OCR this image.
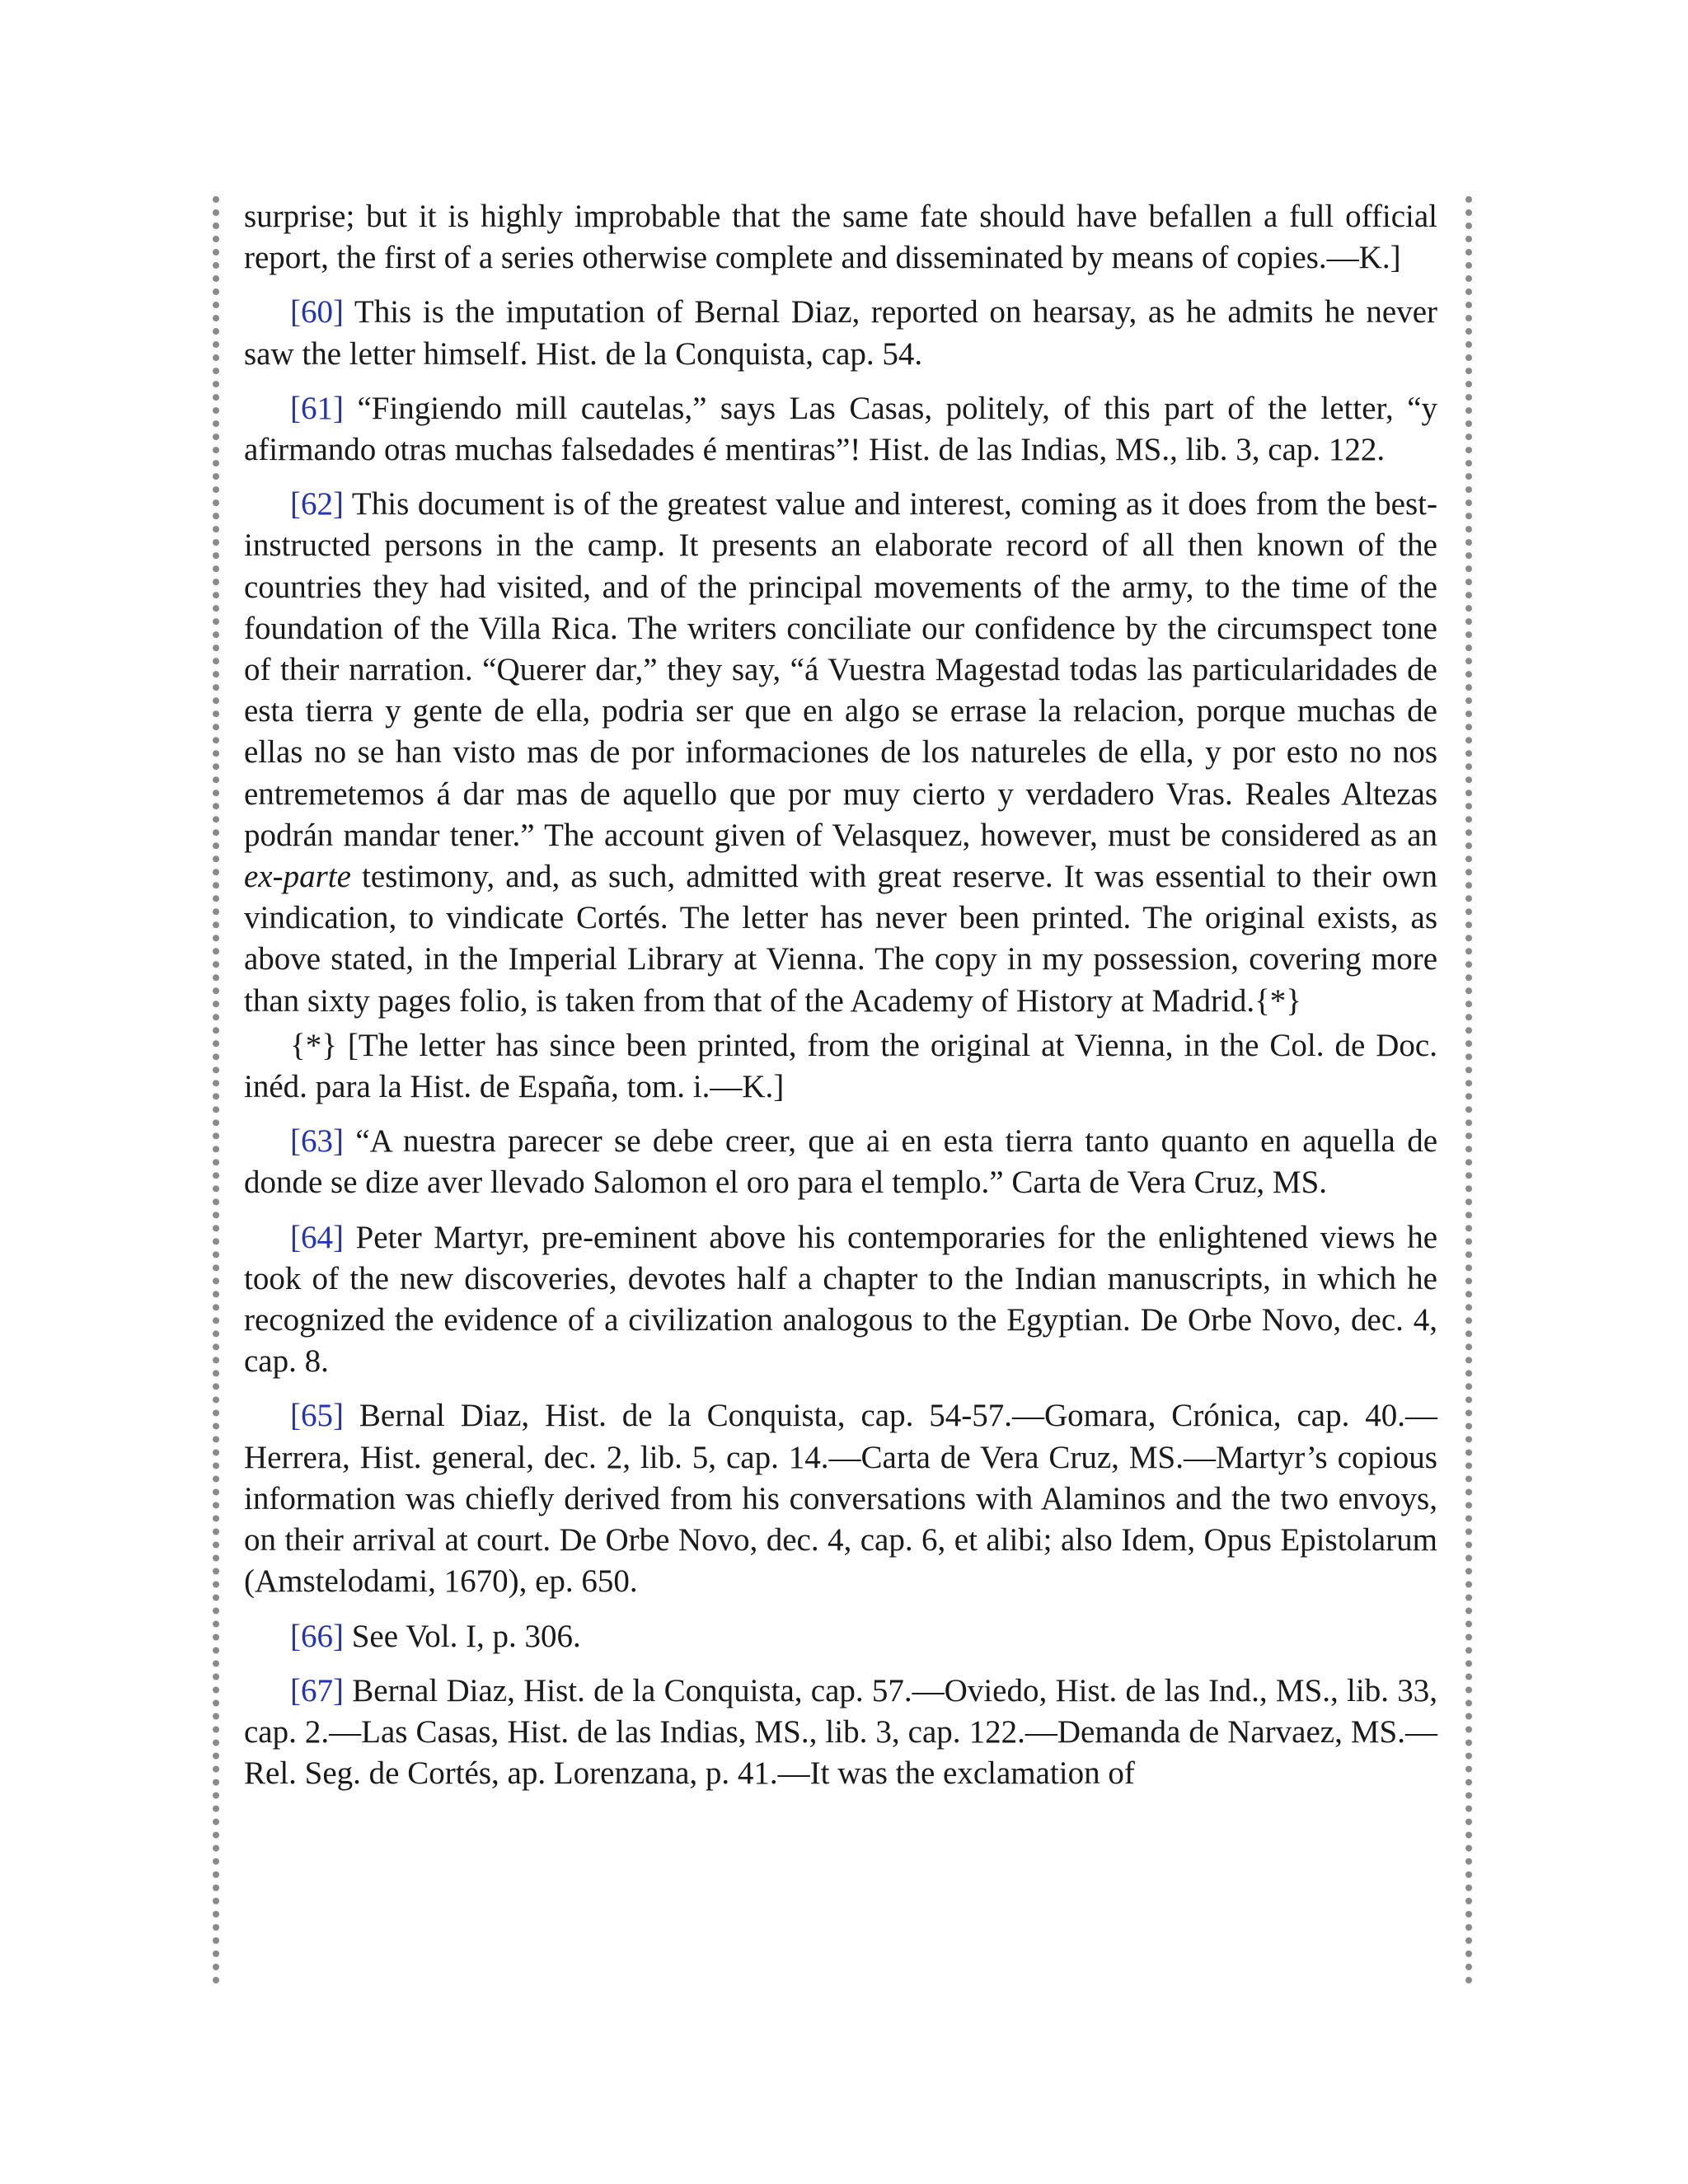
surprise; but it is highly improbable that the same fate should have befallen a full official report, the first of a series otherwise complete and disseminated by means of copies.—K.]

[60] This is the imputation of Bernal Diaz, reported on hearsay, as he admits he never saw the letter himself. Hist. de la Conquista, cap. 54.

[61] “Fingiendo mill cautelas,” says Las Casas, politely, of this part of the letter, “y afirmando otras muchas falsedades é mentiras”! Hist. de las Indias, MS., lib. 3, cap. 122.

[62] This document is of the greatest value and interest, coming as it does from the best-instructed persons in the camp. It presents an elaborate record of all then known of the countries they had visited, and of the principal movements of the army, to the time of the foundation of the Villa Rica. The writers conciliate our confidence by the circumspect tone of their narration. “Querer dar,” they say, “á Vuestra Magestad todas las particularidades de esta tierra y gente de ella, podria ser que en algo se errase la relacion, porque muchas de ellas no se han visto mas de por informaciones de los natureles de ella, y por esto no nos entremetemos á dar mas de aquello que por muy cierto y verdadero Vras. Reales Altezas podrán mandar tener.” The account given of Velasquez, however, must be considered as an ex-parte testimony, and, as such, admitted with great reserve. It was essential to their own vindication, to vindicate Cortés. The letter has never been printed. The original exists, as above stated, in the Imperial Library at Vienna. The copy in my possession, covering more than sixty pages folio, is taken from that of the Academy of History at Madrid.{*}

{*} [The letter has since been printed, from the original at Vienna, in the Col. de Doc. inéd. para la Hist. de España, tom. i.—K.]

[63] “A nuestra parecer se debe creer, que ai en esta tierra tanto quanto en aquella de donde se dize aver llevado Salomon el oro para el templo.” Carta de Vera Cruz, MS.

[64] Peter Martyr, pre-eminent above his contemporaries for the enlightened views he took of the new discoveries, devotes half a chapter to the Indian manuscripts, in which he recognized the evidence of a civilization analogous to the Egyptian. De Orbe Novo, dec. 4, cap. 8.

[65] Bernal Diaz, Hist. de la Conquista, cap. 54-57.—Gomara, Crónica, cap. 40.—Herrera, Hist. general, dec. 2, lib. 5, cap. 14.—Carta de Vera Cruz, MS.—Martyr’s copious information was chiefly derived from his conversations with Alaminos and the two envoys, on their arrival at court. De Orbe Novo, dec. 4, cap. 6, et alibi; also Idem, Opus Epistolarum (Amstelodami, 1670), ep. 650.

[66] See Vol. I, p. 306.

[67] Bernal Diaz, Hist. de la Conquista, cap. 57.—Oviedo, Hist. de las Ind., MS., lib. 33, cap. 2.—Las Casas, Hist. de las Indias, MS., lib. 3, cap. 122.—Demanda de Narvaez, MS.—Rel. Seg. de Cortés, ap. Lorenzana, p. 41.—It was the exclamation of
